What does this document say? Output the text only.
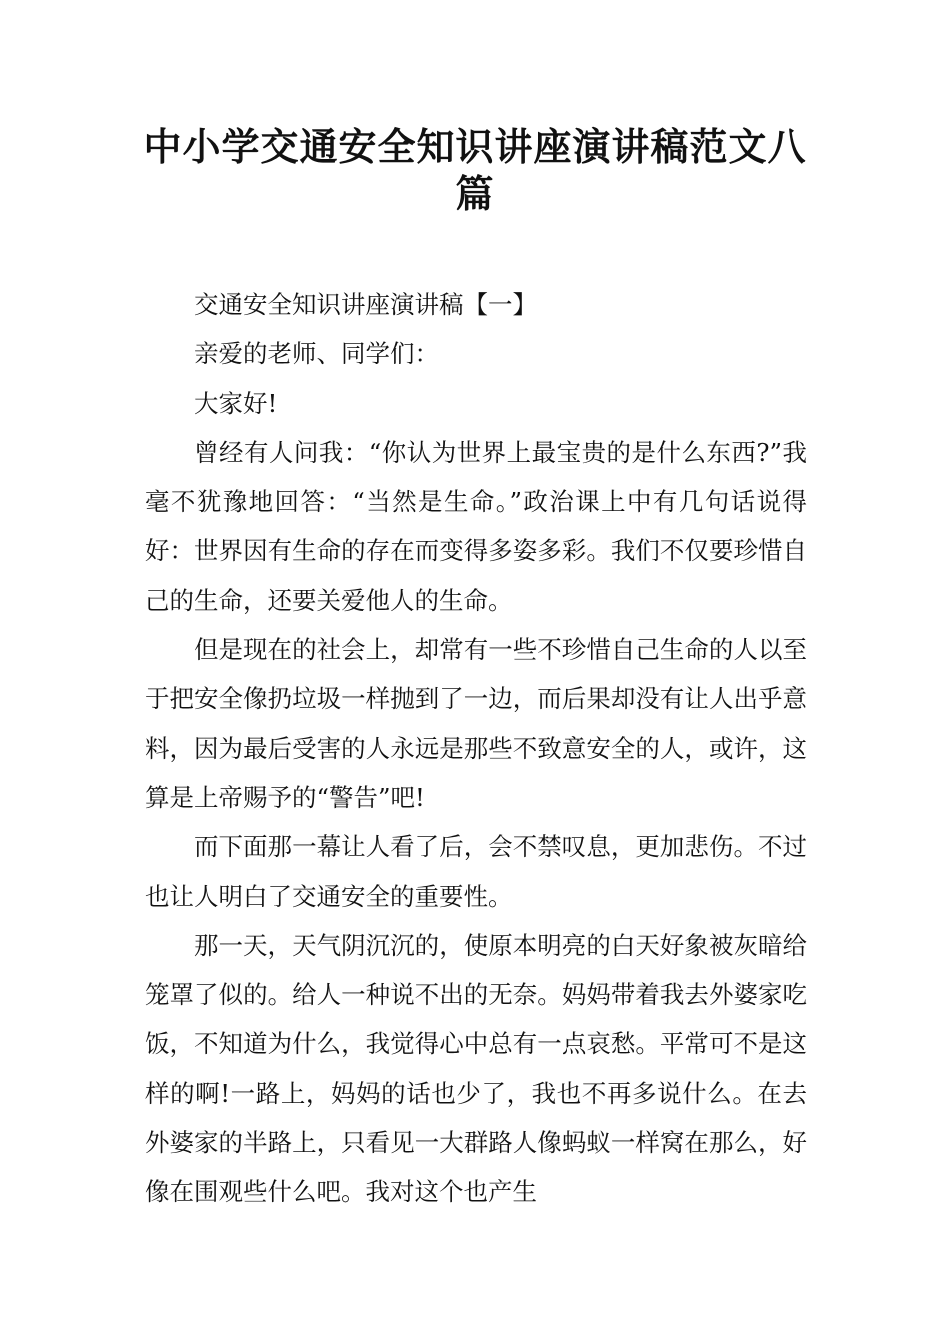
中小学交通安全知识讲座演讲稿范文八篇

交通安全知识讲座演讲稿【一】

亲爱的老师、同学们：

大家好!

曾经有人问我：“你认为世界上最宝贵的是什么东西?”我毫不犹豫地回答：“当然是生命。”政治课上中有几句话说得好：世界因有生命的存在而变得多姿多彩。我们不仅要珍惜自己的生命，还要关爱他人的生命。

但是现在的社会上，却常有一些不珍惜自己生命的人以至于把安全像扔垃圾一样抛到了一边，而后果却没有让人出乎意料，因为最后受害的人永远是那些不致意安全的人，或许，这算是上帝赐予的“警告”吧!

而下面那一幕让人看了后，会不禁叹息，更加悲伤。不过也让人明白了交通安全的重要性。

那一天，天气阴沉沉的，使原本明亮的白天好象被灰暗给笼罩了似的。给人一种说不出的无奈。妈妈带着我去外婆家吃饭，不知道为什么，我觉得心中总有一点哀愁。平常可不是这样的啊!一路上，妈妈的话也少了，我也不再多说什么。在去外婆家的半路上，只看见一大群路人像蚂蚁一样窝在那么，好像在围观些什么吧。我对这个也产生
